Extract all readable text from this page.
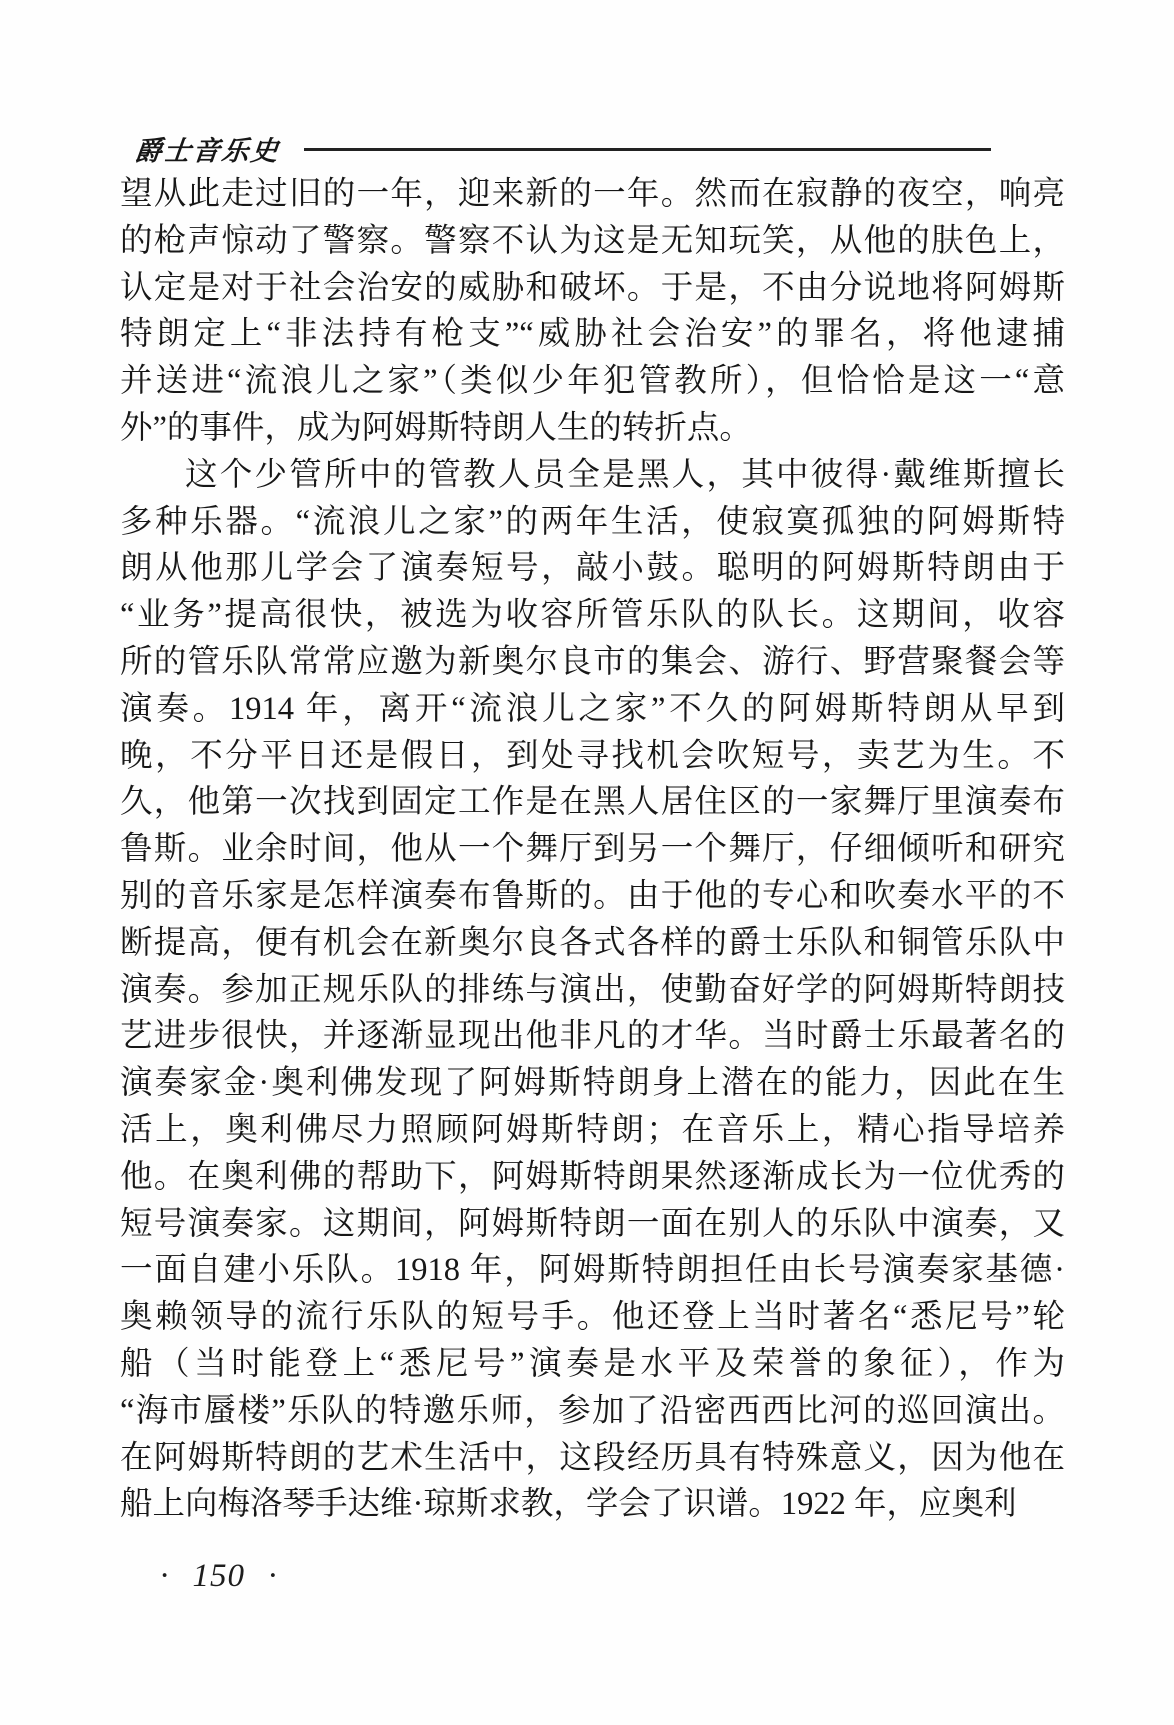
爵士音乐史
望从此走过旧的一年，迎来新的一年。然而在寂静的夜空，响亮
的枪声惊动了警察。警察不认为这是无知玩笑，从他的肤色上，
认定是对于社会治安的威胁和破坏。于是，不由分说地将阿姆斯
特朗定上“非法持有枪支”“威胁社会治安”的罪名，将他逮捕
并送进“流浪儿之家”（类似少年犯管教所），但恰恰是这一“意
外”的事件，成为阿姆斯特朗人生的转折点。
这个少管所中的管教人员全是黑人，其中彼得·戴维斯擅长
多种乐器。“流浪儿之家”的两年生活，使寂寞孤独的阿姆斯特
朗从他那儿学会了演奏短号，敲小鼓。聪明的阿姆斯特朗由于
“业务”提高很快，被选为收容所管乐队的队长。这期间，收容
所的管乐队常常应邀为新奥尔良市的集会、游行、野营聚餐会等
演奏。1914 年，离开“流浪儿之家”不久的阿姆斯特朗从早到
晚，不分平日还是假日，到处寻找机会吹短号，卖艺为生。不
久，他第一次找到固定工作是在黑人居住区的一家舞厅里演奏布
鲁斯。业余时间，他从一个舞厅到另一个舞厅，仔细倾听和研究
别的音乐家是怎样演奏布鲁斯的。由于他的专心和吹奏水平的不
断提高，便有机会在新奥尔良各式各样的爵士乐队和铜管乐队中
演奏。参加正规乐队的排练与演出，使勤奋好学的阿姆斯特朗技
艺进步很快，并逐渐显现出他非凡的才华。当时爵士乐最著名的
演奏家金·奥利佛发现了阿姆斯特朗身上潜在的能力，因此在生
活上，奥利佛尽力照顾阿姆斯特朗；在音乐上，精心指导培养
他。在奥利佛的帮助下，阿姆斯特朗果然逐渐成长为一位优秀的
短号演奏家。这期间，阿姆斯特朗一面在别人的乐队中演奏，又
一面自建小乐队。1918 年，阿姆斯特朗担任由长号演奏家基德·
奥赖领导的流行乐队的短号手。他还登上当时著名“悉尼号”轮
船（当时能登上“悉尼号”演奏是水平及荣誉的象征），作为
“海市蜃楼”乐队的特邀乐师，参加了沿密西西比河的巡回演出。
在阿姆斯特朗的艺术生活中，这段经历具有特殊意义，因为他在
船上向梅洛琴手达维·琼斯求教，学会了识谱。1922 年，应奥利
· 150 ·
